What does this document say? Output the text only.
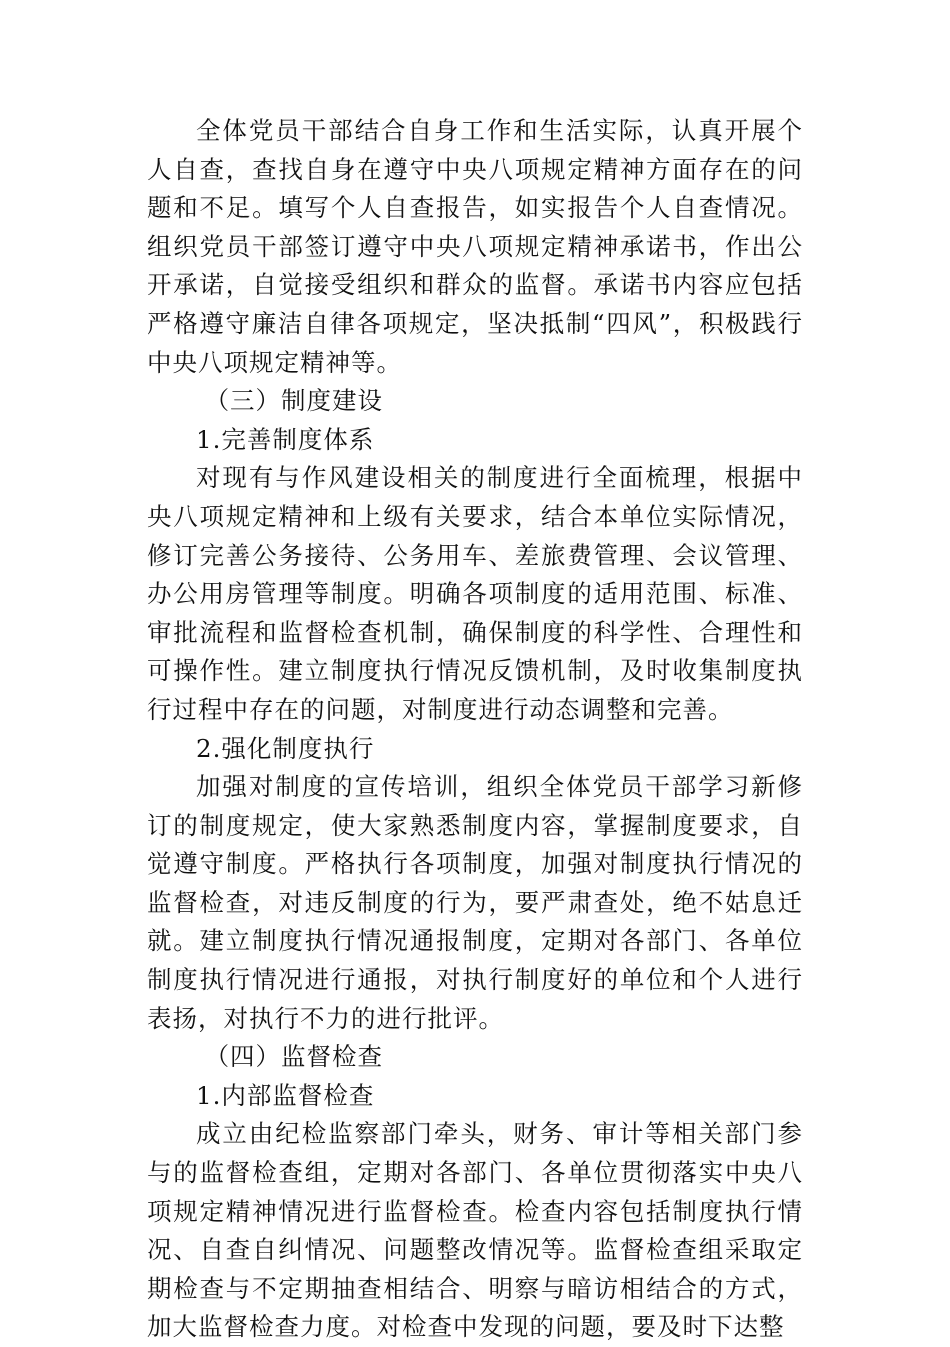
全体党员干部结合自身工作和生活实际，认真开展个人自查，查找自身在遵守中央八项规定精神方面存在的问题和不足。填写个人自查报告，如实报告个人自查情况。组织党员干部签订遵守中央八项规定精神承诺书，作出公开承诺，自觉接受组织和群众的监督。承诺书内容应包括严格遵守廉洁自律各项规定，坚决抵制“四风”，积极践行中央八项规定精神等。

（三）制度建设

1.完善制度体系

对现有与作风建设相关的制度进行全面梳理，根据中央八项规定精神和上级有关要求，结合本单位实际情况，修订完善公务接待、公务用车、差旅费管理、会议管理、办公用房管理等制度。明确各项制度的适用范围、标准、审批流程和监督检查机制，确保制度的科学性、合理性和可操作性。建立制度执行情况反馈机制，及时收集制度执行过程中存在的问题，对制度进行动态调整和完善。

2.强化制度执行

加强对制度的宣传培训，组织全体党员干部学习新修订的制度规定，使大家熟悉制度内容，掌握制度要求，自觉遵守制度。严格执行各项制度，加强对制度执行情况的监督检查，对违反制度的行为，要严肃查处，绝不姑息迁就。建立制度执行情况通报制度，定期对各部门、各单位制度执行情况进行通报，对执行制度好的单位和个人进行表扬，对执行不力的进行批评。

（四）监督检查

1.内部监督检查

成立由纪检监察部门牵头，财务、审计等相关部门参与的监督检查组，定期对各部门、各单位贯彻落实中央八项规定精神情况进行监督检查。检查内容包括制度执行情况、自查自纠情况、问题整改情况等。监督检查组采取定期检查与不定期抽查相结合、明察与暗访相结合的方式，加大监督检查力度。对检查中发现的问题，要及时下达整
